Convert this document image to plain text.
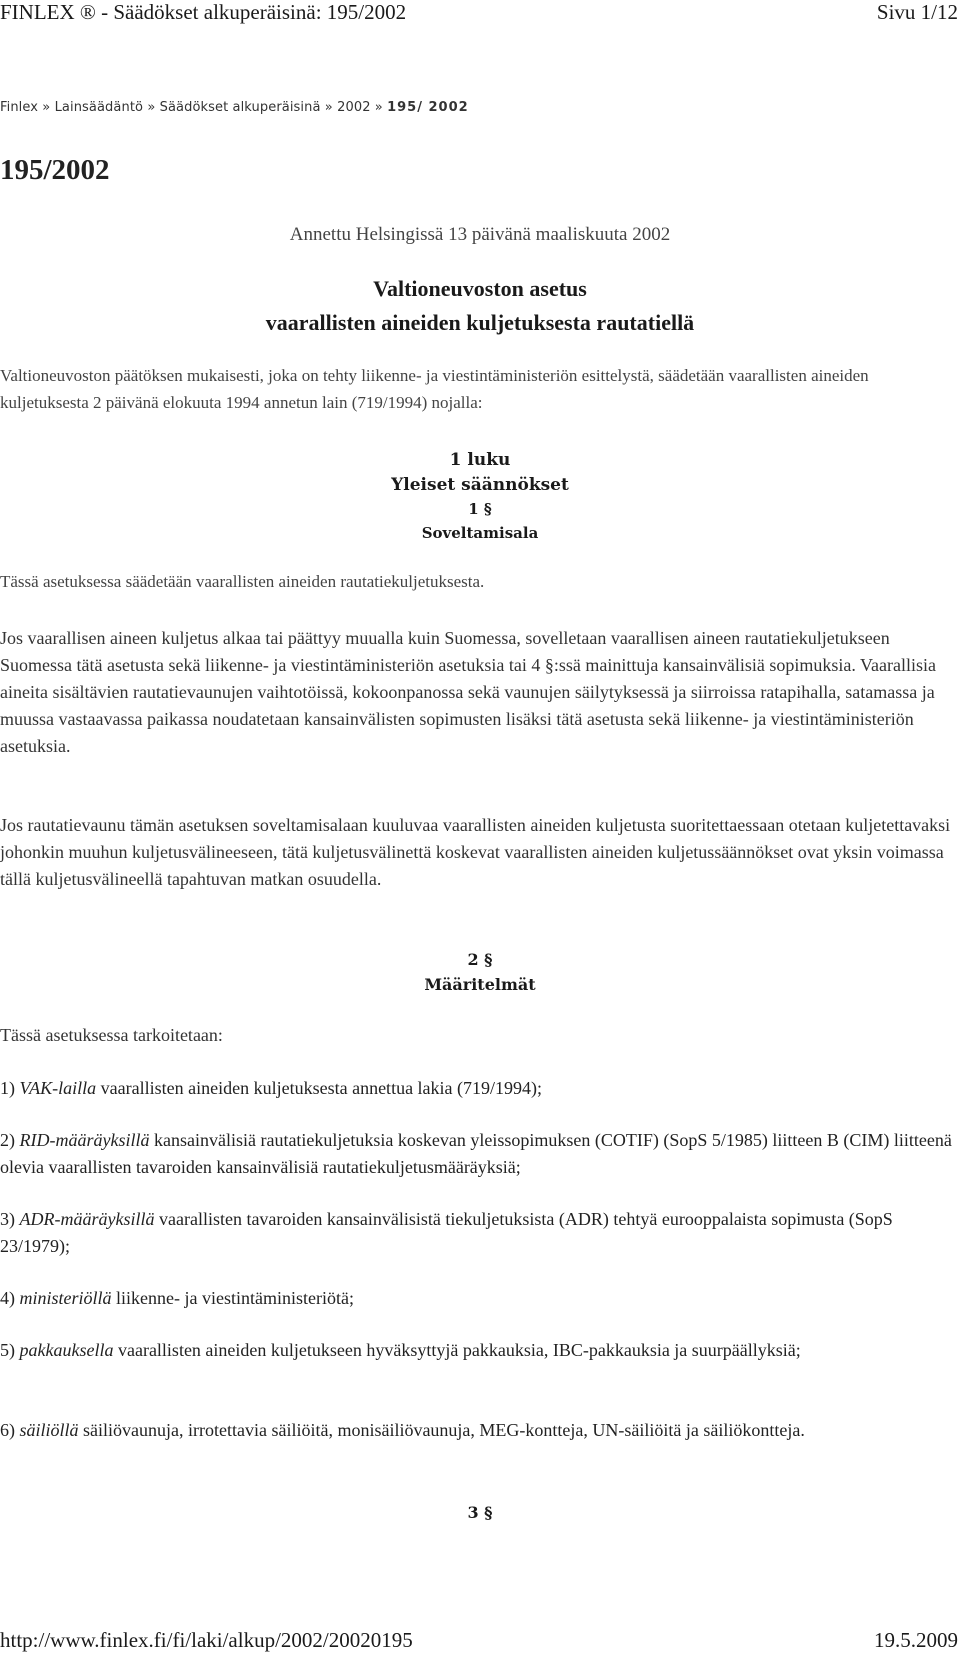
FINLEX ® - Säädökset alkuperäisinä: 195/2002	Sivu 1/12
Finlex » Lainsäädäntö » Säädökset alkuperäisinä » 2002 » 195/ 2002
195/2002
Annettu Helsingissä 13 päivänä maaliskuuta 2002
Valtioneuvoston asetus
vaarallisten aineiden kuljetuksesta rautatiellä
Valtioneuvoston päätöksen mukaisesti, joka on tehty liikenne- ja viestintäministeriön esittelystä, säädetään vaarallisten aineiden kuljetuksesta 2 päivänä elokuuta 1994 annetun lain (719/1994) nojalla:
1 luku
Yleiset säännökset
1 §
Soveltamisala
Tässä asetuksessa säädetään vaarallisten aineiden rautatiekuljetuksesta.
Jos vaarallisen aineen kuljetus alkaa tai päättyy muualla kuin Suomessa, sovelletaan vaarallisen aineen rautatiekuljetukseen Suomessa tätä asetusta sekä liikenne- ja viestintäministeriön asetuksia tai 4 §:ssä mainittuja kansainvälisiä sopimuksia. Vaarallisia aineita sisältävien rautatievaunujen vaihtotöissä, kokoonpanossa sekä vaunujen säilytyksessä ja siirroissa ratapihalla, satamassa ja muussa vastaavassa paikassa noudatetaan kansainvälisten sopimusten lisäksi tätä asetusta sekä liikenne- ja viestintäministeriön asetuksia.
Jos rautatievaunu tämän asetuksen soveltamisalaan kuuluvaa vaarallisten aineiden kuljetusta suoritettaessaan otetaan kuljetettavaksi johonkin muuhun kuljetusvälineeseen, tätä kuljetusvälinettä koskevat vaarallisten aineiden kuljetussäännökset ovat yksin voimassa tällä kuljetusvälineellä tapahtuvan matkan osuudella.
2 §
Määritelmät
Tässä asetuksessa tarkoitetaan:
1) VAK-lailla vaarallisten aineiden kuljetuksesta annettua lakia (719/1994);
2) RID-määräyksillä kansainvälisiä rautatiekuljetuksia koskevan yleissopimuksen (COTIF) (SopS 5/1985) liitteen B (CIM) liitteenä olevia vaarallisten tavaroiden kansainvälisiä rautatiekuljetusmääräyksiä;
3) ADR-määräyksillä vaarallisten tavaroiden kansainvälisistä tiekuljetuksista (ADR) tehtyä eurooppalaista sopimusta (SopS 23/1979);
4) ministeriöllä liikenne- ja viestintäministeriötä;
5) pakkauksella vaarallisten aineiden kuljetukseen hyväksyttyjä pakkauksia, IBC-pakkauksia ja suurpäällyksiä;
6) säiliöllä säiliövaunuja, irrotettavia säiliöitä, monisäiliövaunuja, MEG-kontteja, UN-säiliöitä ja säiliökontteja.
3 §
http://www.finlex.fi/fi/laki/alkup/2002/20020195	19.5.2009
